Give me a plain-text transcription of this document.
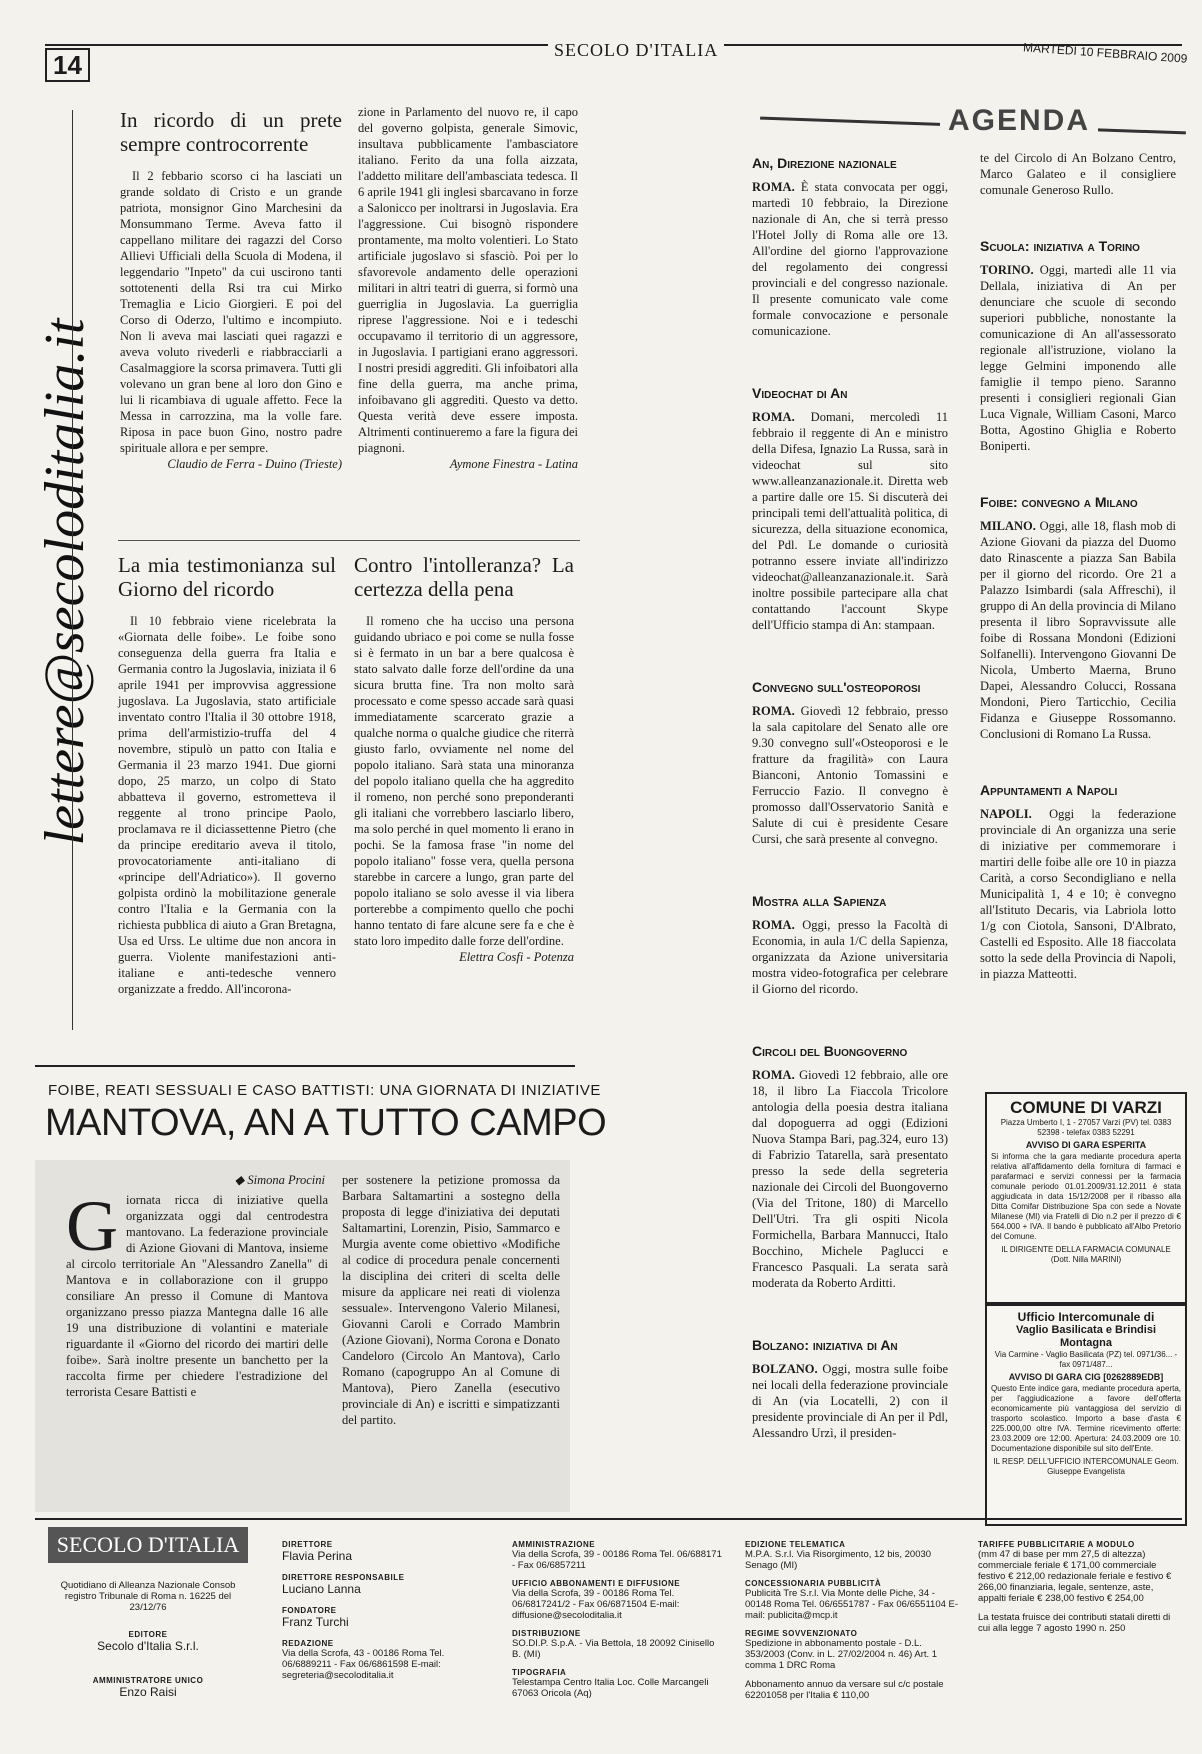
14	SECOLO D'ITALIA	MARTEDÌ 10 FEBBRAIO 2009
lettere@secoloditalia.it
In ricordo di un prete sempre controcorrente

Il 2 febbario scorso ci ha lasciati un grande soldato di Cristo e un grande patriota, monsignor Gino Marchesini da Monsummano Terme. Aveva fatto il cappellano militare dei ragazzi del Corso Allievi Ufficiali della Scuola di Modena, il leggendario "Inpeto" da cui uscirono tanti sottotenenti della Rsi tra cui Mirko Tremaglia e Licio Giorgieri. E poi del Corso di Oderzo, l'ultimo e incompiuto. Non li aveva mai lasciati quei ragazzi e aveva voluto rivederli e riabbracciarli a Casalmaggiore la scorsa primavera. Tutti gli volevano un gran bene al loro don Gino e lui li ricambiava di uguale affetto. Fece la Messa in carrozzina, ma la volle fare. Riposa in pace buon Gino, nostro padre spirituale allora e per sempre.

Claudio de Ferra - Duino (Trieste)

zione in Parlamento del nuovo re, il capo del governo golpista, generale Simovic, insultava pubblicamente l'ambasciatore italiano. Ferito da una folla aizzata, l'addetto militare dell'ambasciata tedesca. Il 6 aprile 1941 gli inglesi sbarcavano in forze a Salonicco per inoltrarsi in Jugoslavia. Era l'aggressione. Cui bisognò rispondere prontamente, ma molto volentieri. Lo Stato artificiale jugoslavo si sfasciò. Poi per lo sfavorevole andamento delle operazioni militari in altri teatri di guerra, si formò una guerriglia in Jugoslavia. La guerriglia riprese l'aggressione. Noi e i tedeschi occupavamo il territorio di un aggressore, in Jugoslavia. I partigiani erano aggressori. I nostri presidi aggrediti. Gli infoibatori alla fine della guerra, ma anche prima, infoibavano gli aggrediti. Questo va detto. Questa verità deve essere imposta. Altrimenti continueremo a fare la figura dei piagnoni.

Aymone Finestra - Latina
La mia testimonianza sul Giorno del ricordo

Il 10 febbraio viene ricelebrata la «Giornata delle foibe». Le foibe sono conseguenza della guerra fra Italia e Germania contro la Jugoslavia, iniziata il 6 aprile 1941 per improvvisa aggressione jugoslava. La Jugoslavia, stato artificiale inventato contro l'Italia il 30 ottobre 1918, prima dell'armistizio-truffa del 4 novembre, stipulò un patto con Italia e Germania il 23 marzo 1941. Due giorni dopo, 25 marzo, un colpo di Stato abbatteva il governo, estrometteva il reggente al trono principe Paolo, proclamava re il diciassettenne Pietro (che da principe ereditario aveva il titolo, provocatoriamente anti-italiano di «principe dell'Adriatico»). Il governo golpista ordinò la mobilitazione generale contro l'Italia e la Germania con la richiesta pubblica di aiuto a Gran Bretagna, Usa ed Urss. Le ultime due non ancora in guerra. Violente manifestazioni anti-italiane e anti-tedesche vennero organizzate a freddo. All'incorona-

Contro l'intolleranza? La certezza della pena

Il romeno che ha ucciso una persona guidando ubriaco e poi come se nulla fosse si è fermato in un bar a bere qualcosa è stato salvato dalle forze dell'ordine da una sicura brutta fine. Tra non molto sarà processato e come spesso accade sarà quasi immediatamente scarcerato grazie a qualche norma o qualche giudice che riterrà giusto farlo, ovviamente nel nome del popolo italiano. Sarà stata una minoranza del popolo italiano quella che ha aggredito il romeno, non perché sono preponderanti gli italiani che vorrebbero lasciarlo libero, ma solo perché in quel momento li erano in pochi. Se la famosa frase "in nome del popolo italiano" fosse vera, quella persona starebbe in carcere a lungo, gran parte del popolo italiano se solo avesse il via libera porterebbe a compimento quello che pochi hanno tentato di fare alcune sere fa e che è stato loro impedito dalle forze dell'ordine.

Elettra Cosfi - Potenza
FOIBE, REATI SESSUALI E CASO BATTISTI: UNA GIORNATA DI INIZIATIVE
MANTOVA, AN A TUTTO CAMPO
◆ Simona Procini
G iornata ricca di iniziative quella organizzata oggi dal centrodestra mantovano. La federazione provinciale di Azione Giovani di Mantova, insieme al circolo territoriale An "Alessandro Zanella" di Mantova e in collaborazione con il gruppo consiliare An presso il Comune di Mantova organizzano presso piazza Mantegna dalle 16 alle 19 una distribuzione di volantini e materiale riguardante il «Giorno del ricordo dei martiri delle foibe». Sarà inoltre presente un banchetto per la raccolta firme per chiedere l'estradizione del terrorista Cesare Battisti e
per sostenere la petizione promossa da Barbara Saltamartini a sostegno della proposta di legge d'iniziativa dei deputati Saltamartini, Lorenzin, Pisio, Sammarco e Murgia avente come obiettivo «Modifiche al codice di procedura penale concernenti la disciplina dei criteri di scelta delle misure da applicare nei reati di violenza sessuale». Intervengono Valerio Milanesi, Giovanni Caroli e Corrado Mambrin (Azione Giovani), Norma Corona e Donato Candeloro (Circolo An Mantova), Carlo Romano (capogruppo An al Comune di Mantova), Piero Zanella (esecutivo provinciale di An) e iscritti e simpatizzanti del partito.
AGENDA
An, Direzione nazionale
ROMA. È stata convocata per oggi, martedì 10 febbraio, la Direzione nazionale di An, che si terrà presso l'Hotel Jolly di Roma alle ore 13. All'ordine del giorno l'approvazione del regolamento dei congressi provinciali e del congresso nazionale. Il presente comunicato vale come formale convocazione e personale comunicazione.
Videochat di An
ROMA. Domani, mercoledì 11 febbraio il reggente di An e ministro della Difesa, Ignazio La Russa, sarà in videochat sul sito www.alleanzanazionale.it. Diretta web a partire dalle ore 15. Si discuterà dei principali temi dell'attualità politica, di sicurezza, della situazione economica, del Pdl. Le domande o curiosità potranno essere inviate all'indirizzo videochat@alleanzanazionale.it. Sarà inoltre possibile partecipare alla chat contattando l'account Skype dell'Ufficio stampa di An: stampaan.
Convegno sull'osteoporosi
ROMA. Giovedì 12 febbraio, presso la sala capitolare del Senato alle ore 9.30 convegno sull'«Osteoporosi e le fratture da fragilità» con Laura Bianconi, Antonio Tomassini e Ferruccio Fazio. Il convegno è promosso dall'Osservatorio Sanità e Salute di cui è presidente Cesare Cursi, che sarà presente al convegno.
Mostra alla Sapienza
ROMA. Oggi, presso la Facoltà di Economia, in aula 1/C della Sapienza, organizzata da Azione universitaria mostra video-fotografica per celebrare il Giorno del ricordo.
Circoli del Buongoverno
ROMA. Giovedì 12 febbraio, alle ore 18, il libro La Fiaccola Tricolore antologia della poesia destra italiana dal dopoguerra ad oggi (Edizioni Nuova Stampa Bari, pag.324, euro 13) di Fabrizio Tatarella, sarà presentato presso la sede della segreteria nazionale dei Circoli del Buongoverno (Via del Tritone, 180) di Marcello Dell'Utri. Tra gli ospiti Nicola Formichella, Barbara Mannucci, Italo Bocchino, Michele Paglucci e Francesco Pasquali. La serata sarà moderata da Roberto Arditti.
Bolzano: iniziativa di An
BOLZANO. Oggi, mostra sulle foibe nei locali della federazione provinciale di An (via Locatelli, 2) con il presidente provinciale di An per il Pdl, Alessandro Urzì, il presiden-
te del Circolo di An Bolzano Centro, Marco Galateo e il consigliere comunale Generoso Rullo.
Scuola: iniziativa a Torino
TORINO. Oggi, martedì alle 11 via Dellala, iniziativa di An per denunciare che scuole di secondo superiori pubbliche, nonostante la comunicazione di An all'assessorato regionale all'istruzione, violano la legge Gelmini imponendo alle famiglie il tempo pieno. Saranno presenti i consiglieri regionali Gian Luca Vignale, William Casoni, Marco Botta, Agostino Ghiglia e Roberto Boniperti.
Foibe: convegno a Milano
MILANO. Oggi, alle 18, flash mob di Azione Giovani da piazza del Duomo dato Rinascente a piazza San Babila per il giorno del ricordo. Ore 21 a Palazzo Isimbardi (sala Affreschi), il gruppo di An della provincia di Milano presenta il libro Sopravvissute alle foibe di Rossana Mondoni (Edizioni Solfanelli). Intervengono Giovanni De Nicola, Umberto Maerna, Bruno Dapei, Alessandro Colucci, Rossana Mondoni, Piero Tarticchio, Cecilia Fidanza e Giuseppe Rossomanno. Conclusioni di Romano La Russa.
Appuntamenti a Napoli
NAPOLI. Oggi la federazione provinciale di An organizza una serie di iniziative per commemorare i martiri delle foibe alle ore 10 in piazza Carità, a corso Secondigliano e nella Municipalità 1, 4 e 10; è convegno all'Istituto Decaris, via Labriola lotto 1/g con Ciotola, Sansoni, D'Albrato, Castelli ed Esposito. Alle 18 fiaccolata sotto la sede della Provincia di Napoli, in piazza Matteotti.
COMUNE DI VARZI
Piazza Umberto I, 1 - 27057 Varzi (PV) tel. 0383 52398 - telefax 0383 52291
AVVISO DI GARA ESPERITA
Si informa che la gara mediante procedura aperta relativa all'affidamento della fornitura di farmaci e parafarmaci e servizi connessi per la farmacia comunale periodo 01.01.2009/31.12.2011 è stata aggiudicata in data 15/12/2008 per il ribasso alla Ditta Comifar Distribuzione Spa con sede a Novate Milanese (MI) via Fratelli di Dio n.2 per il prezzo di € 564.000 + IVA. Il bando è pubblicato all'Albo Pretorio del Comune.
IL DIRIGENTE DELLA FARMACIA COMUNALE (Dott. Nilla MARINI)
Ufficio Intercomunale di
Vaglio Basilicata e Brindisi Montagna
Via Carmine - Vaglio Basilicata (PZ) tel. 0971/36... - fax 0971/487...
AVVISO DI GARA CIG [0262889EDB]
Questo Ente indice gara, mediante procedura aperta, per l'aggiudicazione a favore dell'offerta economicamente più vantaggiosa del servizio di trasporto scolastico. Importo a base d'asta € 225.000,00 oltre IVA. Termine ricevimento offerte: 23.03.2009 ore 12:00. Apertura: 24.03.2009 ore 10. Documentazione disponibile sul sito dell'Ente.
IL RESP. DELL'UFFICIO INTERCOMUNALE Geom. Giuseppe Evangelista
SECOLO D'ITALIA
Quotidiano di Alleanza Nazionale Consob registro Tribunale di Roma n. 16225 del 23/12/76
EDITORE
Secolo d'Italia S.r.l.
AMMINISTRATORE UNICO
Enzo Raisi
DIRETTORE
Flavia Perina
DIRETTORE RESPONSABILE
Luciano Lanna
FONDATORE
Franz Turchi
REDAZIONE
Via della Scrofa, 43 - 00186 Roma Tel. 06/6889211 - Fax 06/6861598 E-mail: segreteria@secoloditalia.it
AMMINISTRAZIONE
Via della Scrofa, 39 - 00186 Roma Tel. 06/688171 - Fax 06/6857211
UFFICIO ABBONAMENTI E DIFFUSIONE
Via della Scrofa, 39 - 00186 Roma Tel. 06/6817241/2 - Fax 06/6871504 E-mail: diffusione@secoloditalia.it
DISTRIBUZIONE
SO.DI.P. S.p.A. - Via Bettola, 18 20092 Cinisello B. (MI)
TIPOGRAFIA
Telestampa Centro Italia Loc. Colle Marcangeli 67063 Oricola (Aq)
EDIZIONE TELEMATICA
M.P.A. S.r.l. Via Risorgimento, 12 bis, 20030 Senago (MI)
CONCESSIONARIA PUBBLICITÀ
Publicità Tre S.r.l. Via Monte delle Piche, 34 - 00148 Roma Tel. 06/6551787 - Fax 06/6551104 E-mail: publicita@mcp.it
REGIME SOVVENZIONATO
Spedizione in abbonamento postale - D.L. 353/2003 (Conv. in L. 27/02/2004 n. 46) Art. 1 comma 1 DRC Roma
Abbonamento annuo da versare sul c/c postale 62201058 per l'Italia € 110,00
TARIFFE PUBBLICITARIE A MODULO
(mm 47 di base per mm 27,5 di altezza) commerciale feriale € 171,00 commerciale festivo € 212,00 redazionale feriale e festivo € 266,00 finanziaria, legale, sentenze, aste, appalti feriale € 238,00 festivo € 254,00
La testata fruisce dei contributi statali diretti di cui alla legge 7 agosto 1990 n. 250
